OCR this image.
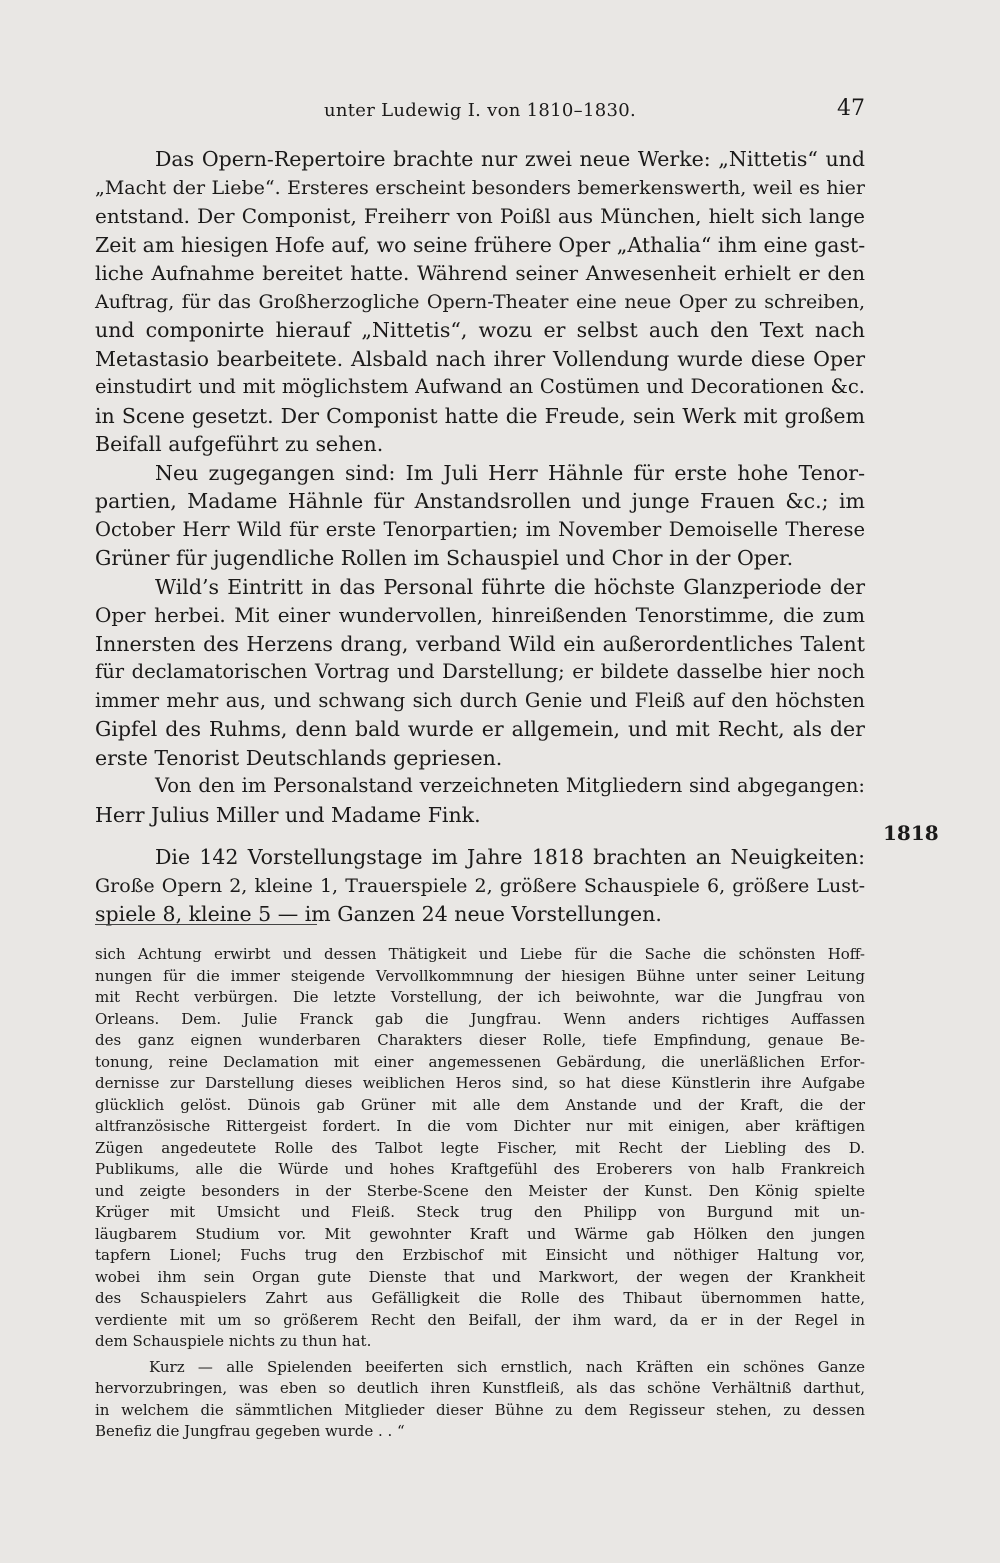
unter Ludewig I. von 1810–1830.	47
Das Opern-Repertoire brachte nur zwei neue Werke: „Nittetis“ und
„Macht der Liebe“. Ersteres erscheint besonders bemerkenswerth, weil es hier
entstand. Der Componist, Freiherr von Poißl aus München, hielt sich lange
Zeit am hiesigen Hofe auf, wo seine frühere Oper „Athalia“ ihm eine gast-
liche Aufnahme bereitet hatte. Während seiner Anwesenheit erhielt er den
Auftrag, für das Großherzogliche Opern-Theater eine neue Oper zu schreiben,
und componirte hierauf „Nittetis“, wozu er selbst auch den Text nach
Metastasio bearbeitete. Alsbald nach ihrer Vollendung wurde diese Oper
einstudirt und mit möglichstem Aufwand an Costümen und Decorationen &c.
in Scene gesetzt. Der Componist hatte die Freude, sein Werk mit großem
Beifall aufgeführt zu sehen.
Neu zugegangen sind: Im Juli Herr Hähnle für erste hohe Tenor-
partien, Madame Hähnle für Anstandsrollen und junge Frauen &c.; im
October Herr Wild für erste Tenorpartien; im November Demoiselle Therese
Grüner für jugendliche Rollen im Schauspiel und Chor in der Oper.
Wild’s Eintritt in das Personal führte die höchste Glanzperiode der
Oper herbei. Mit einer wundervollen, hinreißenden Tenorstimme, die zum
Innersten des Herzens drang, verband Wild ein außerordentliches Talent
für declamatorischen Vortrag und Darstellung; er bildete dasselbe hier noch
immer mehr aus, und schwang sich durch Genie und Fleiß auf den höchsten
Gipfel des Ruhms, denn bald wurde er allgemein, und mit Recht, als der
erste Tenorist Deutschlands gepriesen.
Von den im Personalstand verzeichneten Mitgliedern sind abgegangen:
Herr Julius Miller und Madame Fink.
Die 142 Vorstellungstage im Jahre 1818 brachten an Neuigkeiten:
Große Opern 2, kleine 1, Trauerspiele 2, größere Schauspiele 6, größere Lust-
spiele 8, kleine 5 — im Ganzen 24 neue Vorstellungen.
1818
sich Achtung erwirbt und dessen Thätigkeit und Liebe für die Sache die schönsten Hoff-
nungen für die immer steigende Vervollkommnung der hiesigen Bühne unter seiner Leitung
mit Recht verbürgen. Die letzte Vorstellung, der ich beiwohnte, war die Jungfrau von
Orleans. Dem. Julie Franck gab die Jungfrau. Wenn anders richtiges Auffassen
des ganz eignen wunderbaren Charakters dieser Rolle, tiefe Empfindung, genaue Be-
tonung, reine Declamation mit einer angemessenen Gebärdung, die unerläßlichen Erfor-
dernisse zur Darstellung dieses weiblichen Heros sind, so hat diese Künstlerin ihre Aufgabe
glücklich gelöst. Dünois gab Grüner mit alle dem Anstande und der Kraft, die der
altfranzösische Rittergeist fordert. In die vom Dichter nur mit einigen, aber kräftigen
Zügen angedeutete Rolle des Talbot legte Fischer, mit Recht der Liebling des D.
Publikums, alle die Würde und hohes Kraftgefühl des Eroberers von halb Frankreich
und zeigte besonders in der Sterbe-Scene den Meister der Kunst. Den König spielte
Krüger mit Umsicht und Fleiß. Steck trug den Philipp von Burgund mit un-
läugbarem Studium vor. Mit gewohnter Kraft und Wärme gab Hölken den jungen
tapfern Lionel; Fuchs trug den Erzbischof mit Einsicht und nöthiger Haltung vor,
wobei ihm sein Organ gute Dienste that und Markwort, der wegen der Krankheit
des Schauspielers Zahrt aus Gefälligkeit die Rolle des Thibaut übernommen hatte,
verdiente mit um so größerem Recht den Beifall, der ihm ward, da er in der Regel in
dem Schauspiele nichts zu thun hat.
Kurz — alle Spielenden beeiferten sich ernstlich, nach Kräften ein schönes Ganze
hervorzubringen, was eben so deutlich ihren Kunstfleiß, als das schöne Verhältniß darthut,
in welchem die sämmtlichen Mitglieder dieser Bühne zu dem Regisseur stehen, zu dessen
Benefiz die Jungfrau gegeben wurde . . “
